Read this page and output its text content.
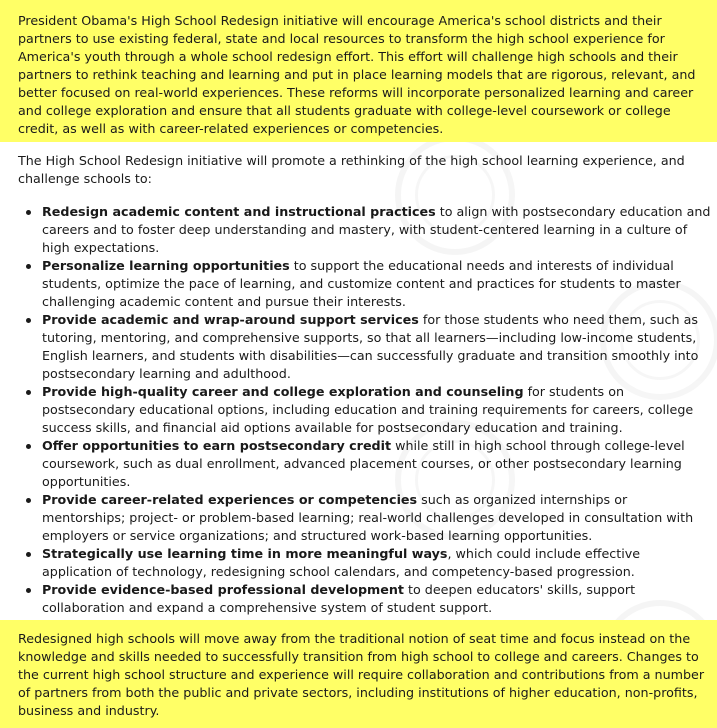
President Obama's High School Redesign initiative will encourage America's school districts and their partners to use existing federal, state and local resources to transform the high school experience for America's youth through a whole school redesign effort. This effort will challenge high schools and their partners to rethink teaching and learning and put in place learning models that are rigorous, relevant, and better focused on real-world experiences. These reforms will incorporate personalized learning and career and college exploration and ensure that all students graduate with college-level coursework or college credit, as well as with career-related experiences or competencies.

The High School Redesign initiative will promote a rethinking of the high school learning experience, and challenge schools to:

Redesign academic content and instructional practices to align with postsecondary education and careers and to foster deep understanding and mastery, with student-centered learning in a culture of high expectations.
Personalize learning opportunities to support the educational needs and interests of individual students, optimize the pace of learning, and customize content and practices for students to master challenging academic content and pursue their interests.
Provide academic and wrap-around support services for those students who need them, such as tutoring, mentoring, and comprehensive supports, so that all learners—including low-income students, English learners, and students with disabilities—can successfully graduate and transition smoothly into postsecondary learning and adulthood.
Provide high-quality career and college exploration and counseling for students on postsecondary educational options, including education and training requirements for careers, college success skills, and financial aid options available for postsecondary education and training.
Offer opportunities to earn postsecondary credit while still in high school through college-level coursework, such as dual enrollment, advanced placement courses, or other postsecondary learning opportunities.
Provide career-related experiences or competencies such as organized internships or mentorships; project- or problem-based learning; real-world challenges developed in consultation with employers or service organizations; and structured work-based learning opportunities.
Strategically use learning time in more meaningful ways, which could include effective application of technology, redesigning school calendars, and competency-based progression.
Provide evidence-based professional development to deepen educators' skills, support collaboration and expand a comprehensive system of student support.

Redesigned high schools will move away from the traditional notion of seat time and focus instead on the knowledge and skills needed to successfully transition from high school to college and careers. Changes to the current high school structure and experience will require collaboration and contributions from a number of partners from both the public and private sectors, including institutions of higher education, non-profits, business and industry.
